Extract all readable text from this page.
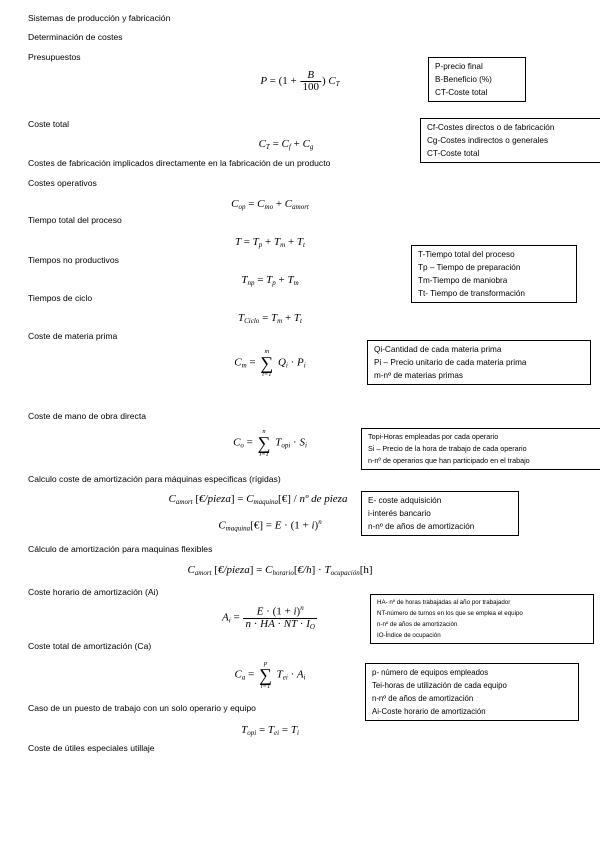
Sistemas de producción y fabricación
Determinación de costes
Presupuestos
Coste total
Costes de fabricación implicados directamente en la fabricación de un producto
Costes operativos
Tiempo total del proceso
Tiempos no productivos
Tiempos de ciclo
Coste de materia prima
Coste de mano de obra directa
Calculo coste de amortización para máquinas especificas (rígidas)
Cálculo de amortización para maquinas flexibles
Coste horario de amortización (Ai)
Coste total de amortización (Ca)
Caso de un puesto de trabajo con un solo operario y equipo
Coste de útiles especiales utillaje
$P = (1 + \frac{B}{100}$ ) $C_T$
$C_T = C_f + C_g$
$C_{op} = C_{mo} + C_{amort}$
$T = T_p + T_m + T_t$
$T_{np} = T_p + T_m$
$T_{Ciclo} = T_m + T_t$
$C_m$ =
m
∑
i=1
$Q_i \cdot P_i$
$C_o$ =
n
∑
i=1
$T_{opi} \cdot S_i$
$C_{amort}$ [€/pieza] = $C_{maquina}[€]$ / nº de pieza
$C_{maquina}[€] = E \cdot (1 + i)^n$
$C_{amort}$ [€/pieza] = $C_{horario}[€/h] \cdot T_{ocupación}[h]$
$A_i = \frac{E \cdot (1 + i)^n}{n \cdot HA \cdot NT \cdot I_O}$
$C_a$ =
p
∑
i=1
$T_{ei} \cdot A_i$
$T_{opi} = T_{ei} = T_i$
P-precio final
B-Beneficio (%)
CT-Coste total
Cf-Costes directos o de fabricación
Cg-Costes indirectos o generales
CT-Coste total
T-Tiempo total del proceso
Tp – Tiempo de preparación
Tm-Tiempo de maniobra
Tt- Tiempo de transformación
Qi-Cantidad de cada materia prima
Pi – Precio unitario de cada materia prima
m-nº de materias primas
Topi-Horas empleadas por cada operario
Si – Precio de la hora de trabajo de cada operario
n-nº de operarios que han participado en el trabajo
E- coste adquisición
i-interés bancario
n-nº de años de amortización
HA- nº de horas trabajadas al año por trabajador
NT-número de turnos en los que se emplea el equipo
n-nº de años de amortización
IO-Índice de ocupación
p- número de equipos empleados
Tei-horas de utilización de cada equipo
n-nº de años de amortización
Ai-Coste horario de amortización
